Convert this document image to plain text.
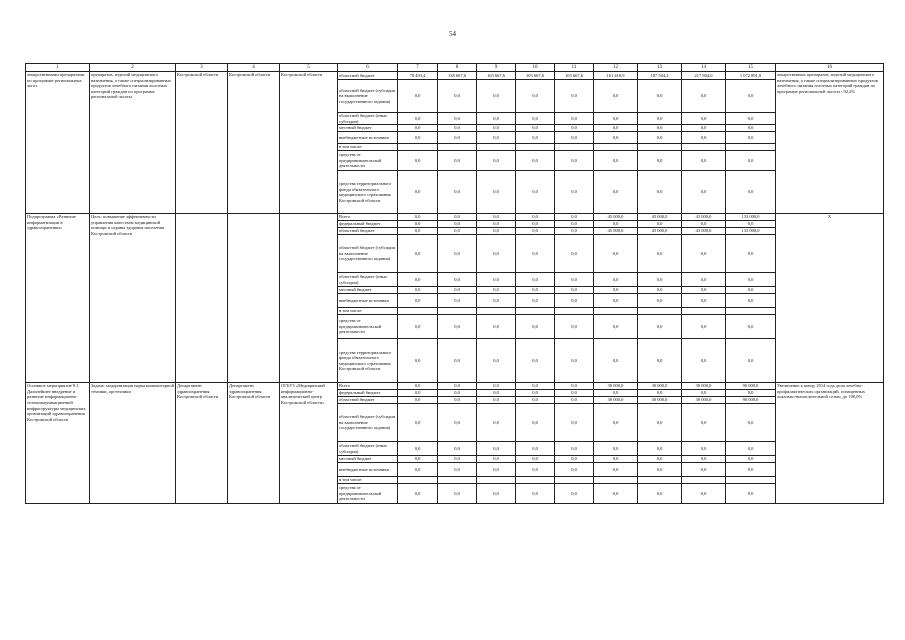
54
1	2	3	4	5	6	7	8	9	10	11	12	13	14	15	16
лекарственными препаратами по программе региональных льгот	препаратов, изделий медицинского назначения, а также специализированных продуктов лечебного питания льготных категорий граждан по программе региональной льготы	Костромской области	Костромской области	Костромской области	областной бюджет	70 493,4	138 667,6	103 667,6	103 667,6	103 667,6	161 418,9	187 504,2	217 804,0	1 072 891,8	лекарственных препаратов, изделий медицинского назначения, а также специализированных продуктов лечебного питания льготных категорий граждан по программе региональной льготы - 92,2%
					областной бюджет (субсидии на выполнение государственного задания)	0,0	0,0	0,0	0,0	0,0	0,0	0,0	0,0	0,0	
					областной бюджет (иные субсидии)	0,0	0,0	0,0	0,0	0,0	0,0	0,0	0,0	0,0	
					местный бюджет	0,0	0,0	0,0	0,0	0,0	0,0	0,0	0,0	0,0	
					внебюджетные источники	0,0	0,0	0,0	0,0	0,0	0,0	0,0	0,0	0,0	
					в том числе:										
					средства от предпринимательской деятельности	0,0	0,0	0,0	0,0	0,0	0,0	0,0	0,0	0,0	
					средства территориального фонда обязательного медицинского страхования Костромской области	0,0	0,0	0,0	0,0	0,0	0,0	0,0	0,0	0,0	
Подпрограмма «Развитие информатизации в здравоохранении»	Цель: повышение эффективности управления качеством медицинской помощи и охраны здоровья населения Костромской области				Всего	0,0	0,0	0,0	0,0	0,0	45 000,0	45 000,0	43 000,0	133 000,0	X
					федеральный бюджет	0,0	0,0	0,0	0,0	0,0	0,0	0,0	0,0	0,0	
					областной бюджет	0,0	0,0	0,0	0,0	0,0	45 000,0	45 000,0	43 000,0	133 000,0	
					областной бюджет (субсидии на выполнение государственного задания)	0,0	0,0	0,0	0,0	0,0	0,0	0,0	0,0	0,0	
					областной бюджет (иные субсидии)	0,0	0,0	0,0	0,0	0,0	0,0	0,0	0,0	0,0	
					местный бюджет	0,0	0,0	0,0	0,0	0,0	0,0	0,0	0,0	0,0	
					внебюджетные источники	0,0	0,0	0,0	0,0	0,0	0,0	0,0	0,0	0,0	
					в том числе:										
					средства от предпринимательской деятельности	0,0	0,0	0,0	0,0	0,0	0,0	0,0	0,0	0,0	
					средства территориального фонда обязательного медицинского страхования Костромской области	0,0	0,0	0,0	0,0	0,0	0,0	0,0	0,0	0,0	
Основное мероприятие 9.1. Дальнейшее внедрение и развитие информационно-телекоммуникационной инфраструктуры медицинских организаций здравоохранения Костромской области	Задача: модернизация парка компьютерной техники, оргтехники	Департамент здравоохранения Костромской области	Департамент здравоохранения Костромской области	ОГБУЗ «Медицинский информационно-аналитический центр Костромской области»	Всего	0,0	0,0	0,0	0,0	0,0	30 000,0	30 000,0	30 000,0	90 000,0	Увеличение к концу 2014 года доли лечебно-профилактических организаций, оснащенных локально-вычислительной сетью, до 100,0%
					федеральный бюджет	0,0	0,0	0,0	0,0	0,0	0,0	0,0	0,0	0,0	
					областной бюджет	0,0	0,0	0,0	0,0	0,0	30 000,0	30 000,0	30 000,0	90 000,0	
					областной бюджет (субсидии на выполнение государственного задания)	0,0	0,0	0,0	0,0	0,0	0,0	0,0	0,0	0,0	
					областной бюджет (иные субсидии)	0,0	0,0	0,0	0,0	0,0	0,0	0,0	0,0	0,0	
					местный бюджет	0,0	0,0	0,0	0,0	0,0	0,0	0,0	0,0	0,0	
					внебюджетные источники	0,0	0,0	0,0	0,0	0,0	0,0	0,0	0,0	0,0	
					в том числе:										
					средства от предпринимательской деятельности	0,0	0,0	0,0	0,0	0,0	0,0	0,0	0,0	0,0	
